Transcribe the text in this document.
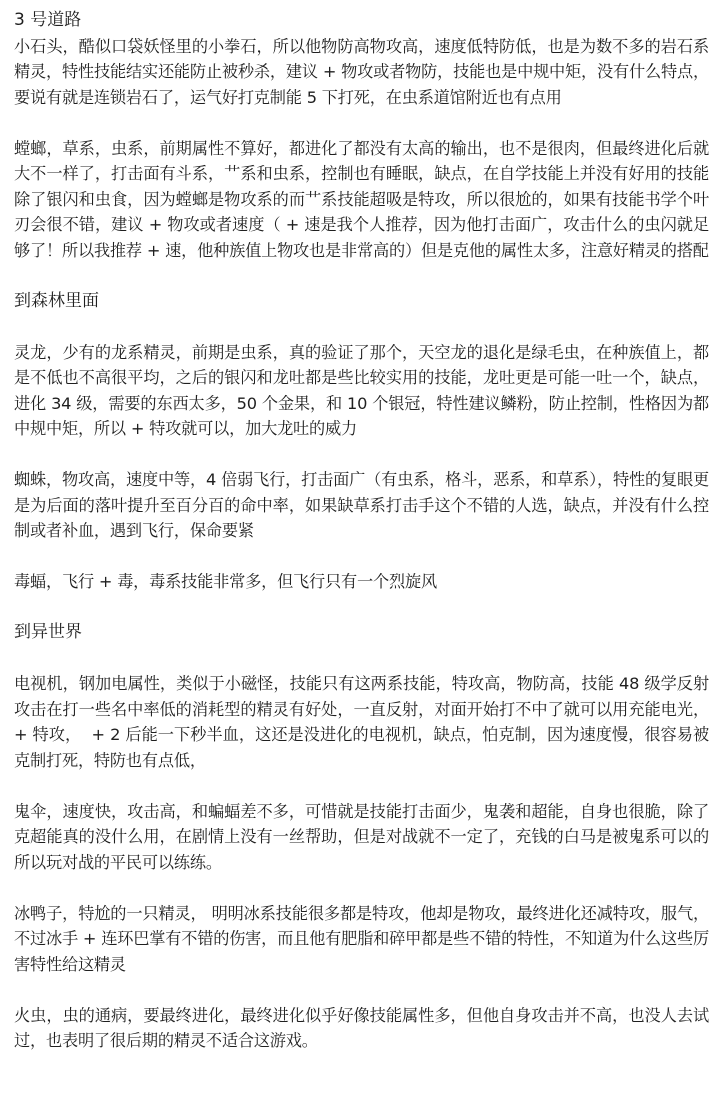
3 号道路

小石头，酷似口袋妖怪里的小拳石，所以他物防高物攻高，速度低特防低，也是为数不多的岩石系精灵，特性技能结实还能防止被秒杀，建议 + 物攻或者物防，技能也是中规中矩，没有什么特点，要说有就是连锁岩石了，运气好打克制能 5 下打死，在虫系道馆附近也有点用

螳螂，草系，虫系，前期属性不算好，都进化了都没有太高的输出，也不是很肉，但最终进化后就大不一样了，打击面有斗系，艹系和虫系，控制也有睡眠，缺点，在自学技能上并没有好用的技能除了银闪和虫食，因为螳螂是物攻系的而艹系技能超吸是特攻，所以很尬的，如果有技能书学个叶刃会很不错，建议 + 物攻或者速度（ + 速是我个人推荐，因为他打击面广，攻击什么的虫闪就足够了！所以我推荐 + 速，他种族值上物攻也是非常高的）但是克他的属性太多，注意好精灵的搭配

到森林里面

灵龙，少有的龙系精灵，前期是虫系，真的验证了那个，天空龙的退化是绿毛虫，在种族值上，都是不低也不高很平均，之后的银闪和龙吐都是些比较实用的技能，龙吐更是可能一吐一个，缺点，进化 34 级，需要的东西太多，50 个金果，和 10 个银冠，特性建议鳞粉，防止控制，性格因为都中规中矩，所以 + 特攻就可以，加大龙吐的威力

蜘蛛，物攻高，速度中等，4 倍弱飞行，打击面广（有虫系，格斗，恶系，和草系），特性的复眼更是为后面的落叶提升至百分百的命中率，如果缺草系打击手这个不错的人选，缺点，并没有什么控制或者补血，遇到飞行，保命要紧

毒蝠，飞行 + 毒，毒系技能非常多，但飞行只有一个烈旋风

到异世界

电视机，钢加电属性，类似于小磁怪，技能只有这两系技能，特攻高，物防高，技能 48 级学反射攻击在打一些名中率低的消耗型的精灵有好处，一直反射，对面开始打不中了就可以用充能电光，  + 特攻，  + 2 后能一下秒半血，这还是没进化的电视机，缺点，怕克制，因为速度慢，很容易被克制打死，特防也有点低，

鬼伞，速度快，攻击高，和蝙蝠差不多，可惜就是技能打击面少，鬼袭和超能，自身也很脆，除了克超能真的没什么用，在剧情上没有一丝帮助，但是对战就不一定了，充钱的白马是被鬼系可以的所以玩对战的平民可以练练。

冰鸭子，特尬的一只精灵， 明明冰系技能很多都是特攻，他却是物攻，最终进化还减特攻，服气，不过冰手 + 连环巴掌有不错的伤害，而且他有肥脂和碎甲都是些不错的特性，不知道为什么这些厉害特性给这精灵

火虫，虫的通病，要最终进化，最终进化似乎好像技能属性多，但他自身攻击并不高，也没人去试过，也表明了很后期的精灵不适合这游戏。
